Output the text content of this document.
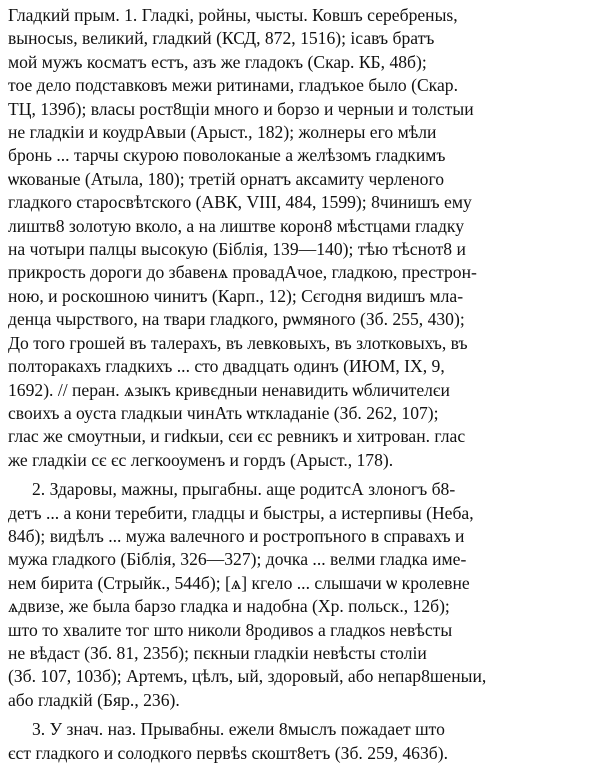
Гладкий прым. 1. Гладкі, ройны, чысты. Ковшъ серебреныs,
выносыs, великий, гладкий (КСД, 872, 1516); ісавъ братъ
мой мужъ косматъ естъ, азъ же гладокъ (Скар. КБ, 48б);
тое дело подставковъ межи ритинами, гладъкое было (Скар.
ТЦ, 139б); власы рост8щіи много и борзо и черныи и толстыи
не гладкіи и коудрАвыи (Арыст., 182); жолнеры его мѣли
бронь ... тарчы скурою поволоканые а желѣзомъ гладкимъ
ѡкованые (Атыла, 180); третій орнатъ аксамиту черленого
гладкого старосвѣтского (АВК, VIII, 484, 1599); 8чинишъ ему
лиштв8 золотую вколо, а на лиштве корон8 мѣстцами гладку
на чотыри палцы высокую (Біблія, 139—140); тѣю тѣснот8 и
прикрость дороги до збавенѧ провадАчое, гладкою, престрон-
ною, и роскошною чинитъ (Карп., 12); Сєгодня видишъ мла-
денца чырствого, на твари гладкого, рѡмяного (Зб. 255, 430);
До того грошей въ талерахъ, въ левковыхъ, въ злотковыхъ, въ
полторакахъ гладкихъ ... сто двадцать одинъ (ИЮМ, IX, 9,
1692). // перан. ѧзыкъ кривєдныи ненавидить ѡбличителєи
своихъ а оуста гладкыи чинАть ѡткладаніе (Зб. 262, 107);
глас же смоутныи, и гиdкыи, сєи єс ревникъ и хитрован. глас
же гладкіи сє єс легкооуменъ и гордъ (Арыст., 178).
2. Здаровы, мажны, прыгабны. аще родитсА злоногъ б8-
детъ ... а кони теребити, гладцы и быстры, а истерпивы (Неба,
84б); видѣлъ ... мужа валечного и ростропъного в справахъ и
мужа гладкого (Біблія, 326—327); дочка ... велми гладка име-
нем бирита (Стрыйк., 544б); [ѧ] кгело ... слышачи ѡ кролевне
ѧдвизе, же была барзо гладка и надобна (Хр. польск., 12б);
што то хвалите тог што николи 8родивоs а гладкоs невѣсты
не вѣдаст (Зб. 81, 235б); пєкныи гладкіи невѣсты століи
(Зб. 107, 103б); Артемъ, цѣлъ, ый, здоровый, або непар8шеныи,
або гладкій (Бяр., 236).
3. У знач. наз. Прывабны. ежели 8мыслъ пожадает што
єст гладкого и солодкого первѣs скошт8етъ (Зб. 259, 463б).
